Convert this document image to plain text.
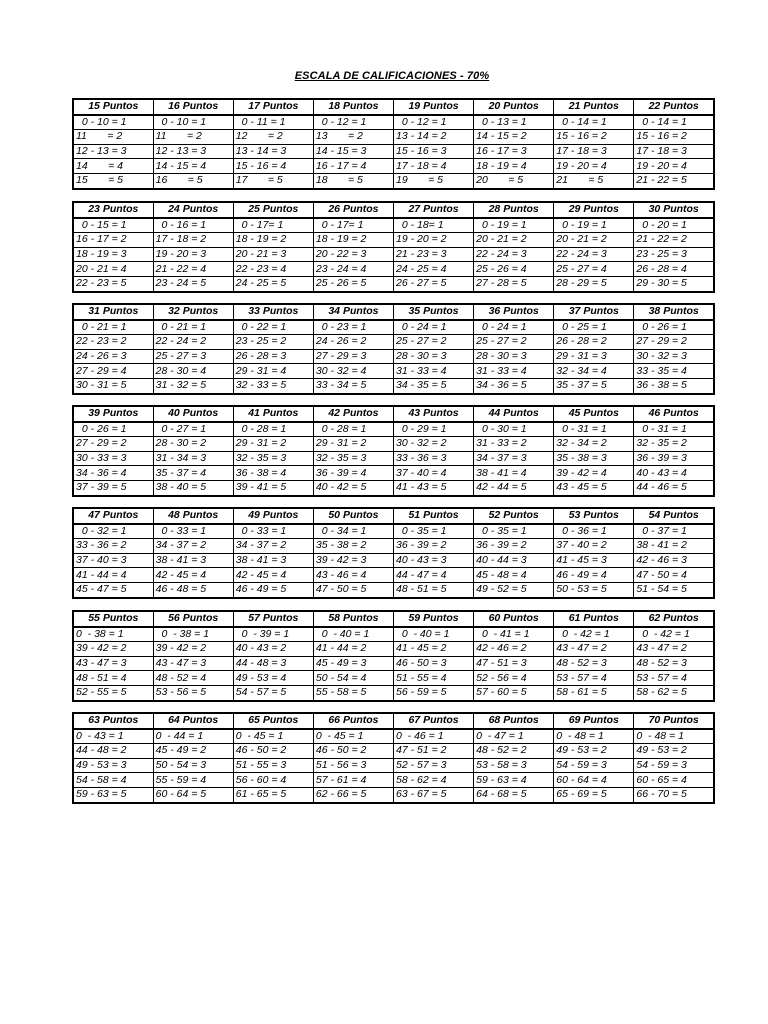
ESCALA DE CALIFICACIONES - 70%
15 Puntos	16 Puntos	17 Puntos	18 Puntos	19 Puntos	20 Puntos	21 Puntos	22 Puntos
0 - 10 = 1	0 - 10 = 1	0 - 11 = 1	0 - 12 = 1	0 - 12 = 1	0 - 13 = 1	0 - 14 = 1	0 - 14 = 1
11       = 2	11       = 2	12       = 2	13       = 2	13 - 14 = 2	14 - 15 = 2	15 - 16 = 2	15 - 16 = 2
12 - 13 = 3	12 - 13 = 3	13 - 14 = 3	14 - 15 = 3	15 - 16 = 3	16 - 17 = 3	17 - 18 = 3	17 - 18 = 3
14       = 4	14 - 15 = 4	15 - 16 = 4	16 - 17 = 4	17 - 18 = 4	18 - 19 = 4	19 - 20 = 4	19 - 20 = 4
15       = 5	16       = 5	17       = 5	18       = 5	19       = 5	20       = 5	21       = 5	21 - 22 = 5
23 Puntos	24 Puntos	25 Puntos	26 Puntos	27 Puntos	28 Puntos	29 Puntos	30 Puntos
0 - 15 = 1	0 - 16 = 1	0 - 17= 1	0 - 17= 1	0 - 18= 1	0 - 19 = 1	0 - 19 = 1	0 - 20 = 1
16 - 17 = 2	17 - 18 = 2	18 - 19 = 2	18 - 19 = 2	19 - 20 = 2	20 - 21 = 2	20 - 21 = 2	21 - 22 = 2
18 - 19 = 3	19 - 20 = 3	20 - 21 = 3	20 - 22 = 3	21 - 23 = 3	22 - 24 = 3	22 - 24 = 3	23 - 25 = 3
20 - 21 = 4	21 - 22 = 4	22 - 23 = 4	23 - 24 = 4	24 - 25 = 4	25 - 26 = 4	25 - 27 = 4	26 - 28 = 4
22 - 23 = 5	23 - 24 = 5	24 - 25 = 5	25 - 26 = 5	26 - 27 = 5	27 - 28 = 5	28 - 29 = 5	29 - 30 = 5
31 Puntos	32 Puntos	33 Puntos	34 Puntos	35 Puntos	36 Puntos	37 Puntos	38 Puntos
0 - 21 = 1	0 - 21 = 1	0 - 22 = 1	0 - 23 = 1	0 - 24 = 1	0 - 24 = 1	0 - 25 = 1	0 - 26 = 1
22 - 23 = 2	22 - 24 = 2	23 - 25 = 2	24 - 26 = 2	25 - 27 = 2	25 - 27 = 2	26 - 28 = 2	27 - 29 = 2
24 - 26 = 3	25 - 27 = 3	26 - 28 = 3	27 - 29 = 3	28 - 30 = 3	28 - 30 = 3	29 - 31 = 3	30 - 32 = 3
27 - 29 = 4	28 - 30 = 4	29 - 31 = 4	30 - 32 = 4	31 - 33 = 4	31 - 33 = 4	32 - 34 = 4	33 - 35 = 4
30 - 31 = 5	31 - 32 = 5	32 - 33 = 5	33 - 34 = 5	34 - 35 = 5	34 - 36 = 5	35 - 37 = 5	36 - 38 = 5
39 Puntos	40 Puntos	41 Puntos	42 Puntos	43 Puntos	44 Puntos	45 Puntos	46 Puntos
0 - 26 = 1	0 - 27 = 1	0 - 28 = 1	0 - 28 = 1	0 - 29 = 1	0 - 30 = 1	0 - 31 = 1	0 - 31 = 1
27 - 29 = 2	28 - 30 = 2	29 - 31 = 2	29 - 31 = 2	30 - 32 = 2	31 - 33 = 2	32 - 34 = 2	32 - 35 = 2
30 - 33 = 3	31 - 34 = 3	32 - 35 = 3	32 - 35 = 3	33 - 36 = 3	34 - 37 = 3	35 - 38 = 3	36 - 39 = 3
34 - 36 = 4	35 - 37 = 4	36 - 38 = 4	36 - 39 = 4	37 - 40 = 4	38 - 41 = 4	39 - 42 = 4	40 - 43 = 4
37 - 39 = 5	38 - 40 = 5	39 - 41 = 5	40 - 42 = 5	41 - 43 = 5	42 - 44 = 5	43 - 45 = 5	44 - 46 = 5
47 Puntos	48 Puntos	49 Puntos	50 Puntos	51 Puntos	52 Puntos	53 Puntos	54 Puntos
0 - 32 = 1	0 - 33 = 1	0 - 33 = 1	0 - 34 = 1	0 - 35 = 1	0 - 35 = 1	0 - 36 = 1	0 - 37 = 1
33 - 36 = 2	34 - 37 = 2	34 - 37 = 2	35 - 38 = 2	36 - 39 = 2	36 - 39 = 2	37 - 40 = 2	38 - 41 = 2
37 - 40 = 3	38 - 41 = 3	38 - 41 = 3	39 - 42 = 3	40 - 43 = 3	40 - 44 = 3	41 - 45 = 3	42 - 46 = 3
41 - 44 = 4	42 - 45 = 4	42 - 45 = 4	43 - 46 = 4	44 - 47 = 4	45 - 48 = 4	46 - 49 = 4	47 - 50 = 4
45 - 47 = 5	46 - 48 = 5	46 - 49 = 5	47 - 50 = 5	48 - 51 = 5	49 - 52 = 5	50 - 53 = 5	51 - 54 = 5
55 Puntos	56 Puntos	57 Puntos	58 Puntos	59 Puntos	60 Puntos	61 Puntos	62 Puntos
0  - 38 = 1	0  - 38 = 1	0  - 39 = 1	0  - 40 = 1	0  - 40 = 1	0  - 41 = 1	0  - 42 = 1	0  - 42 = 1
39 - 42 = 2	39 - 42 = 2	40 - 43 = 2	41 - 44 = 2	41 - 45 = 2	42 - 46 = 2	43 - 47 = 2	43 - 47 = 2
43 - 47 = 3	43 - 47 = 3	44 - 48 = 3	45 - 49 = 3	46 - 50 = 3	47 - 51 = 3	48 - 52 = 3	48 - 52 = 3
48 - 51 = 4	48 - 52 = 4	49 - 53 = 4	50 - 54 = 4	51 - 55 = 4	52 - 56 = 4	53 - 57 = 4	53 - 57 = 4
52 - 55 = 5	53 - 56 = 5	54 - 57 = 5	55 - 58 = 5	56 - 59 = 5	57 - 60 = 5	58 - 61 = 5	58 - 62 = 5
63 Puntos	64 Puntos	65 Puntos	66 Puntos	67 Puntos	68 Puntos	69 Puntos	70 Puntos
0  - 43 = 1	0  - 44 = 1	0  - 45 = 1	0  - 45 = 1	0  - 46 = 1	0  - 47 = 1	0  - 48 = 1	0  - 48 = 1
44 - 48 = 2	45 - 49 = 2	46 - 50 = 2	46 - 50 = 2	47 - 51 = 2	48 - 52 = 2	49 - 53 = 2	49 - 53 = 2
49 - 53 = 3	50 - 54 = 3	51 - 55 = 3	51 - 56 = 3	52 - 57 = 3	53 - 58 = 3	54 - 59 = 3	54 - 59 = 3
54 - 58 = 4	55 - 59 = 4	56 - 60 = 4	57 - 61 = 4	58 - 62 = 4	59 - 63 = 4	60 - 64 = 4	60 - 65 = 4
59 - 63 = 5	60 - 64 = 5	61 - 65 = 5	62 - 66 = 5	63 - 67 = 5	64 - 68 = 5	65 - 69 = 5	66 - 70 = 5
